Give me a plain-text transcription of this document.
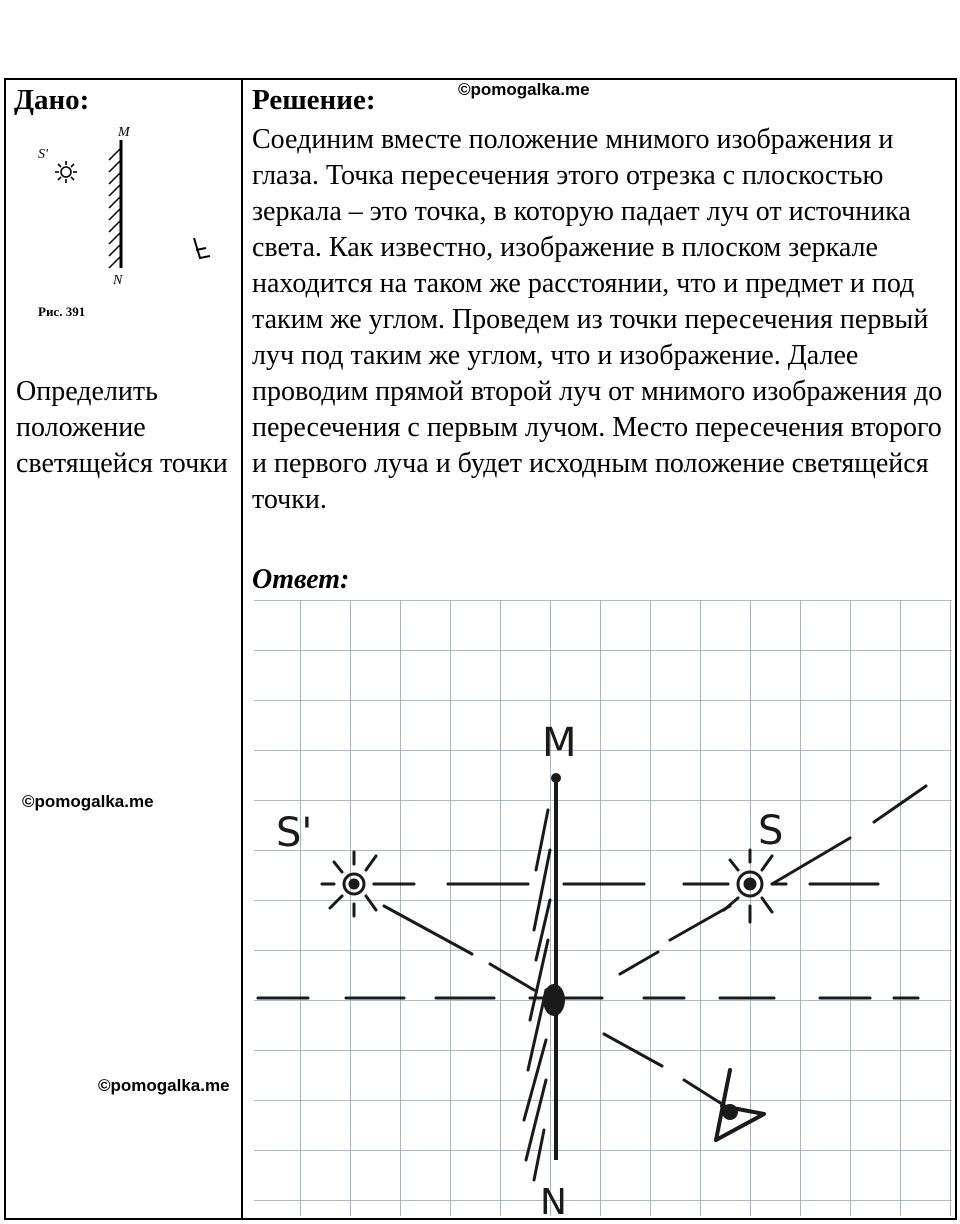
Дано:	Решение:	©pomogalka.me
©pomogalka.me
©pomogalka.me
M
N
S'
Рис. 391
Определить положение светящейся точки
Соединим вместе положение мнимого изображения и глаза. Точка пересечения этого отрезка с плоскостью зеркала – это точка, в которую падает луч от источника света. Как известно, изображение в плоском зеркале находится на таком же расстоянии, что и предмет и под таким же углом. Проведем из точки пересечения первый луч под таким же углом, что и изображение. Далее проводим прямой второй луч от мнимого изображения до пересечения с первым лучом. Место пересечения второго и первого луча и будет исходным положение светящейся точки.
Ответ:
M
N
S'	S
